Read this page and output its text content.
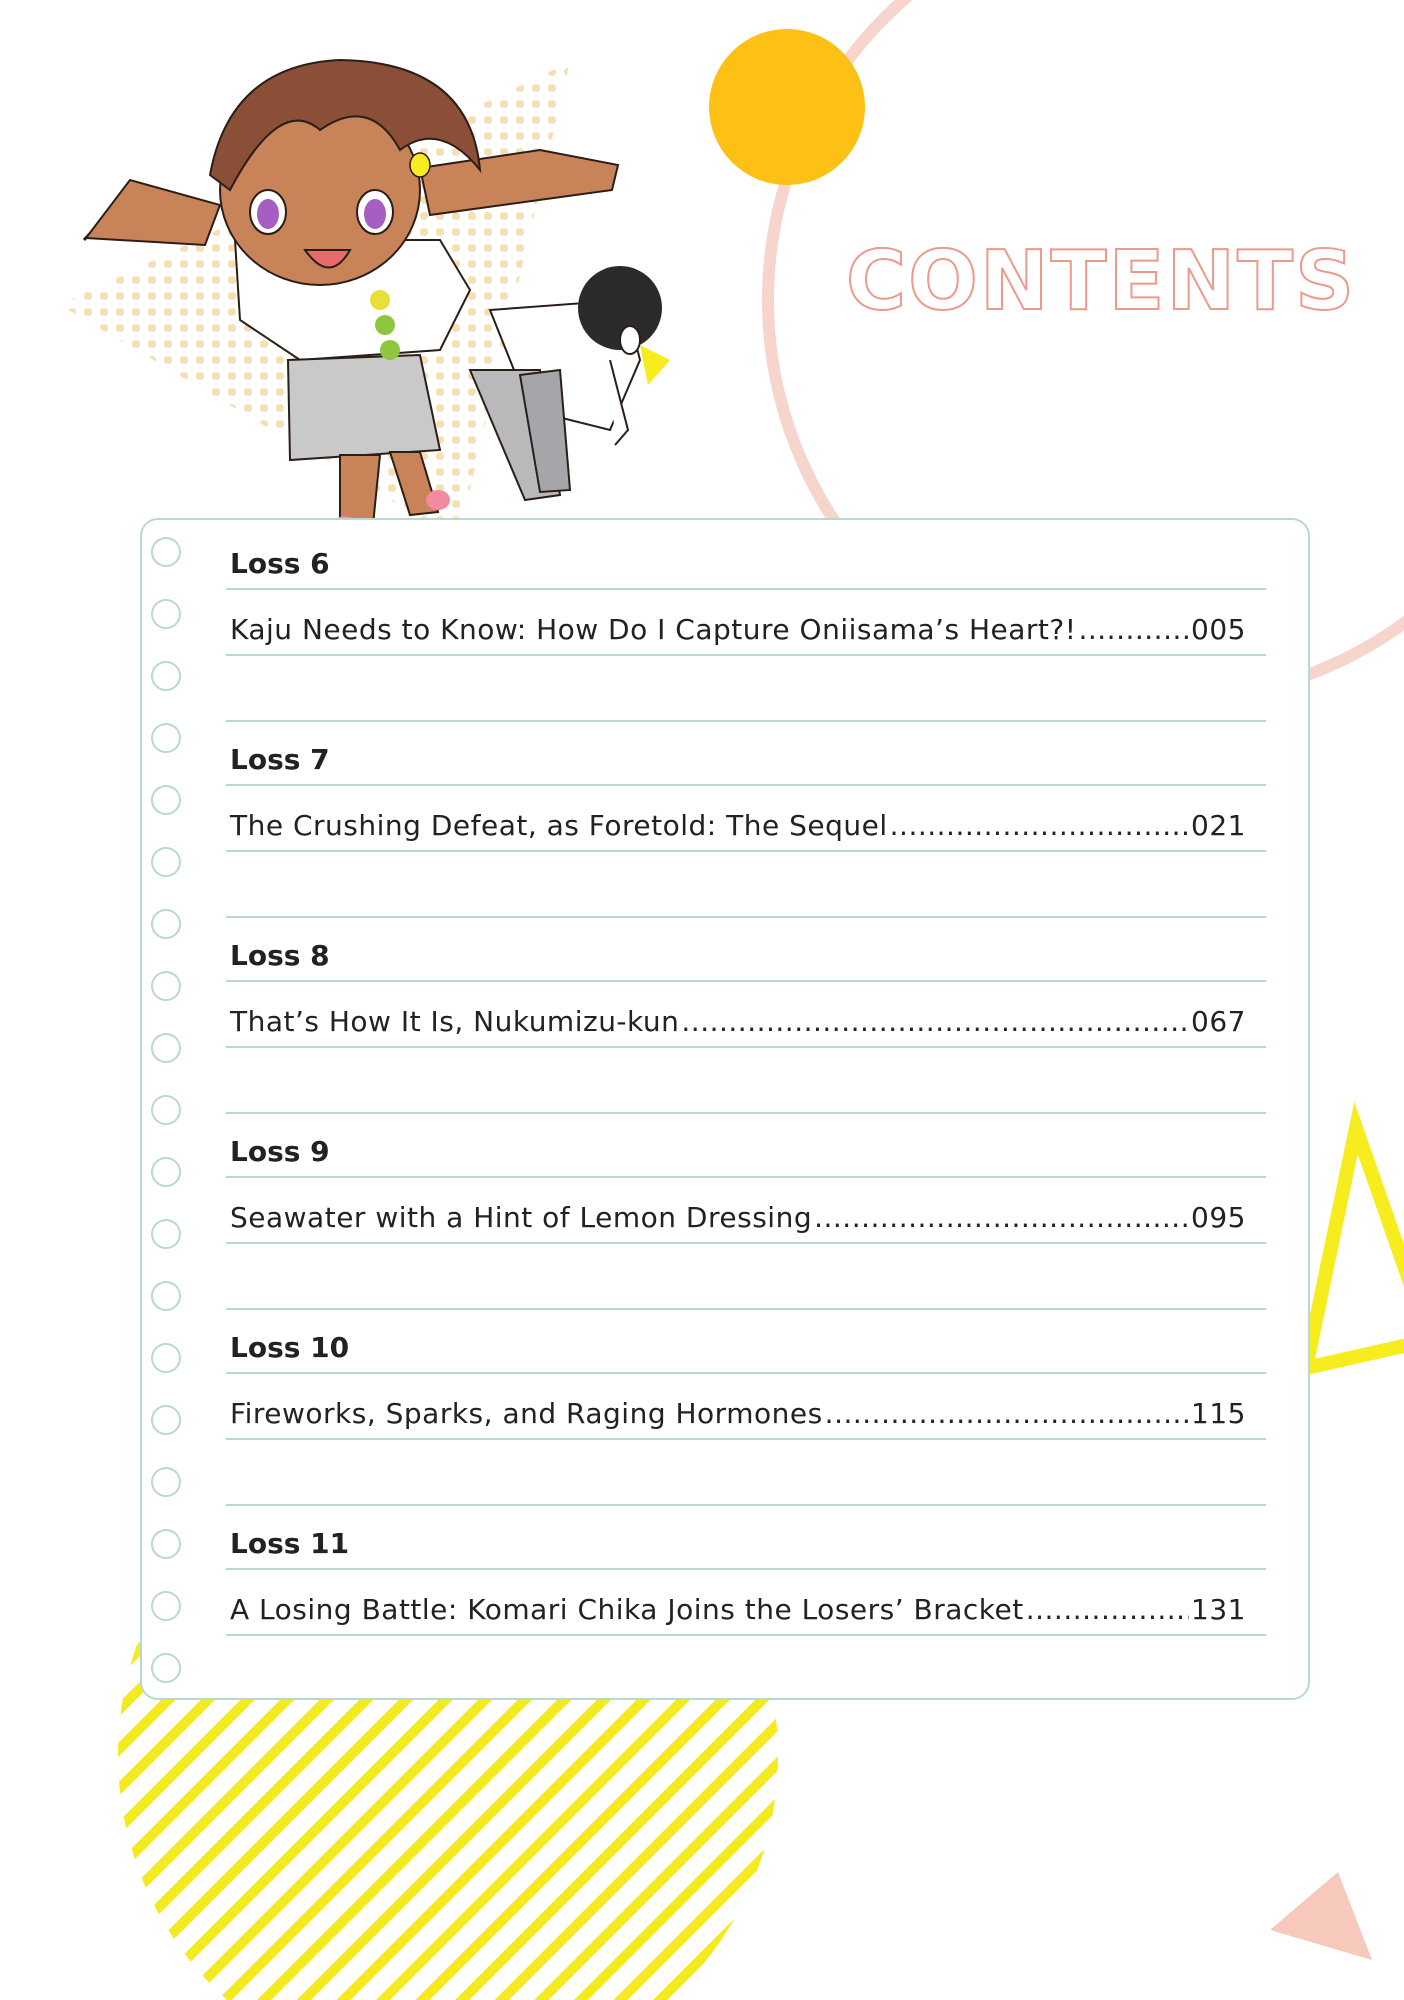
CONTENTS
Loss 6
Kaju Needs to Know: How Do I Capture Oniisama’s Heart?! .....	005
Loss 7
The Crushing Defeat, as Foretold: The Sequel .....	021
Loss 8
That’s How It Is, Nukumizu-kun .....	067
Loss 9
Seawater with a Hint of Lemon Dressing .....	095
Loss 10
Fireworks, Sparks, and Raging Hormones .....	115
Loss 11
A Losing Battle: Komari Chika Joins the Losers’ Bracket .....	131
